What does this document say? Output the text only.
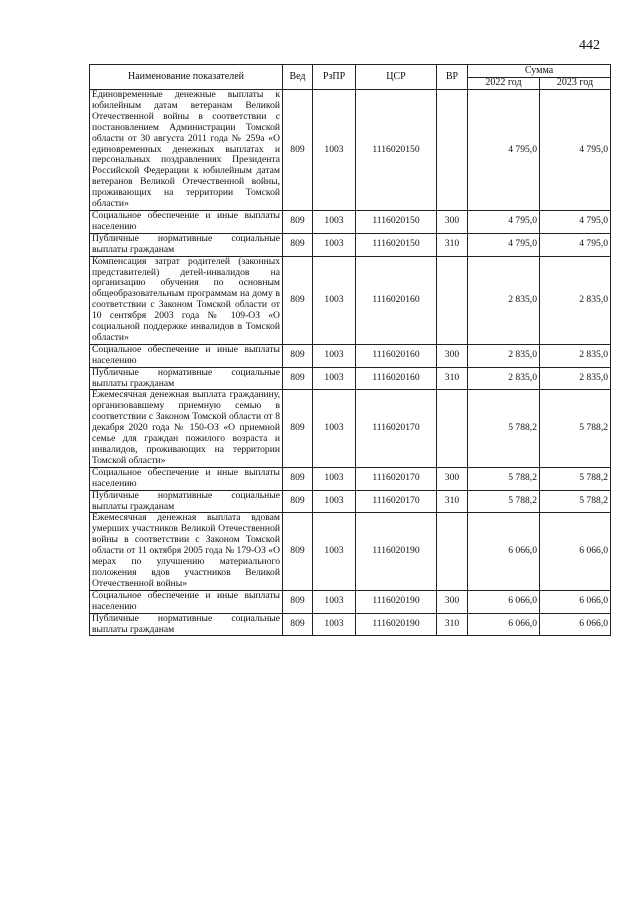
442
Наименование показателей	Вед	РзПР	ЦСР	ВР	Сумма	
					2022 год	2023 год
Единовременные денежные выплаты к юбилейным датам ветеранам Великой Отечественной войны в соответствии с постановлением Администрации Томской области от 30 августа 2011 года № 259а «О единовременных денежных выплатах и персональных поздравлениях Президента Российской Федерации к юбилейным датам ветеранов Великой Отечественной войны, проживающих на территории Томской области»	809	1003	1116020150		4 795,0	4 795,0
Социальное обеспечение и иные выплаты населению	809	1003	1116020150	300	4 795,0	4 795,0
Публичные нормативные социальные выплаты гражданам	809	1003	1116020150	310	4 795,0	4 795,0
Компенсация затрат родителей (законных представителей) детей-инвалидов на организацию обучения по основным общеобразовательным программам на дому в соответствии с Законом Томской области от 10 сентября 2003 года № 109-ОЗ «О социальной поддержке инвалидов в Томской области»	809	1003	1116020160		2 835,0	2 835,0
Социальное обеспечение и иные выплаты населению	809	1003	1116020160	300	2 835,0	2 835,0
Публичные нормативные социальные выплаты гражданам	809	1003	1116020160	310	2 835,0	2 835,0
Ежемесячная денежная выплата гражданину, организовавшему приемную семью в соответствии с Законом Томской области от 8 декабря 2020 года № 150-ОЗ «О приемной семье для граждан пожилого возраста и инвалидов, проживающих на территории Томской области»	809	1003	1116020170		5 788,2	5 788,2
Социальное обеспечение и иные выплаты населению	809	1003	1116020170	300	5 788,2	5 788,2
Публичные нормативные социальные выплаты гражданам	809	1003	1116020170	310	5 788,2	5 788,2
Ежемесячная денежная выплата вдовам умерших участников Великой Отечественной войны в соответствии с Законом Томской области от 11 октября 2005 года № 179-ОЗ «О мерах по улучшению материального положения вдов участников Великой Отечественной войны»	809	1003	1116020190		6 066,0	6 066,0
Социальное обеспечение и иные выплаты населению	809	1003	1116020190	300	6 066,0	6 066,0
Публичные нормативные социальные выплаты гражданам	809	1003	1116020190	310	6 066,0	6 066,0
